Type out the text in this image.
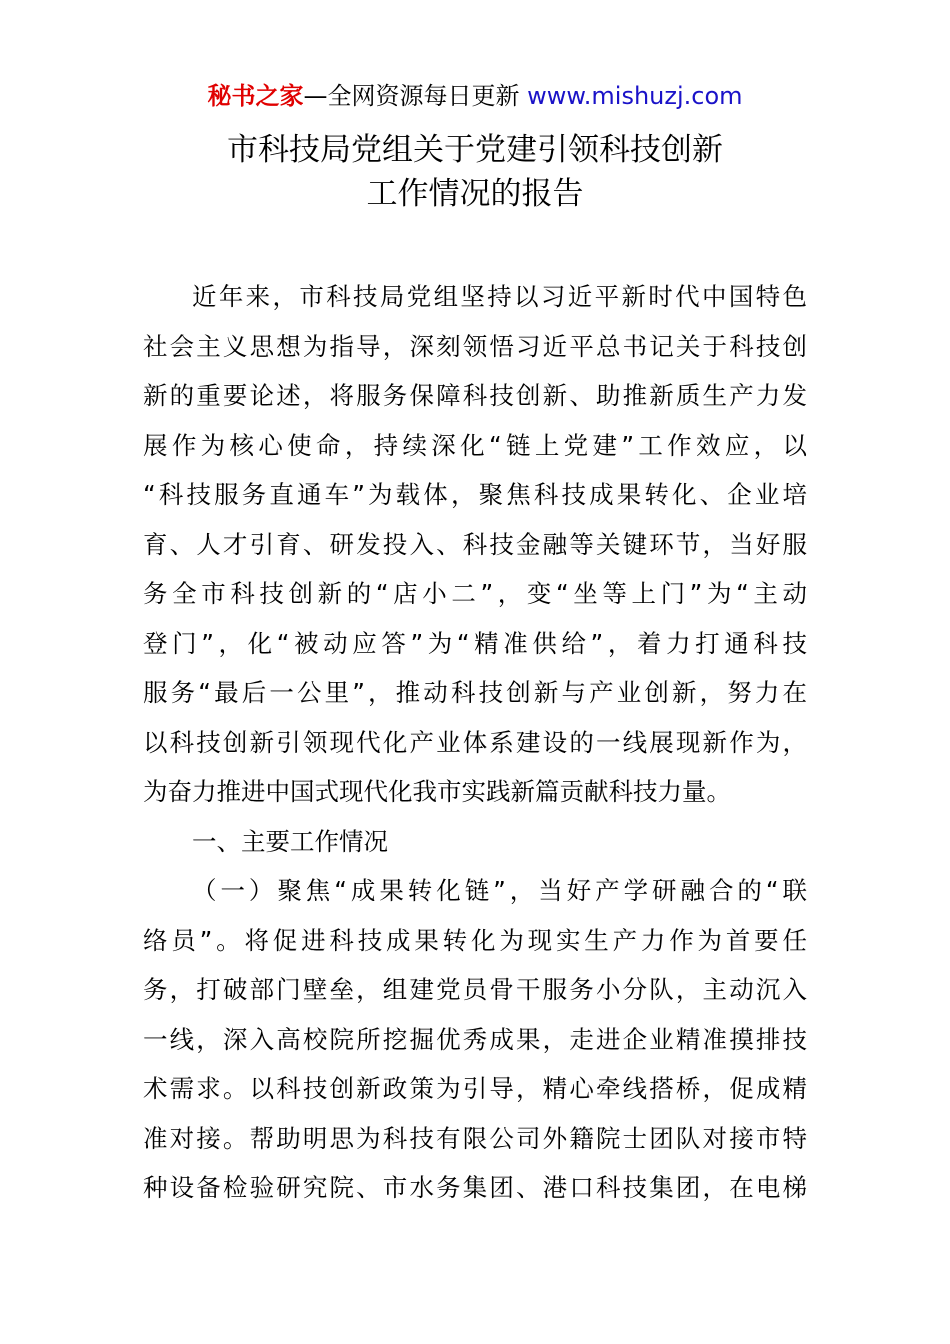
秘书之家—全网资源每日更新 www.mishuzj.com
市科技局党组关于党建引领科技创新
工作情况的报告
近年来，市科技局党组坚持以习近平新时代中国特色
社会主义思想为指导，深刻领悟习近平总书记关于科技创
新的重要论述，将服务保障科技创新、助推新质生产力发
展作为核心使命，持续深化“链上党建”工作效应，以
“科技服务直通车”为载体，聚焦科技成果转化、企业培
育、人才引育、研发投入、科技金融等关键环节，当好服
务全市科技创新的“店小二”，变“坐等上门”为“主动
登门”，化“被动应答”为“精准供给”，着力打通科技
服务“最后一公里”，推动科技创新与产业创新，努力在
以科技创新引领现代化产业体系建设的一线展现新作为，
为奋力推进中国式现代化我市实践新篇贡献科技力量。
一、主要工作情况
（一）聚焦“成果转化链”，当好产学研融合的“联
络员”。将促进科技成果转化为现实生产力作为首要任
务，打破部门壁垒，组建党员骨干服务小分队，主动沉入
一线，深入高校院所挖掘优秀成果，走进企业精准摸排技
术需求。以科技创新政策为引导，精心牵线搭桥，促成精
准对接。帮助明思为科技有限公司外籍院士团队对接市特
种设备检验研究院、市水务集团、港口科技集团，在电梯
